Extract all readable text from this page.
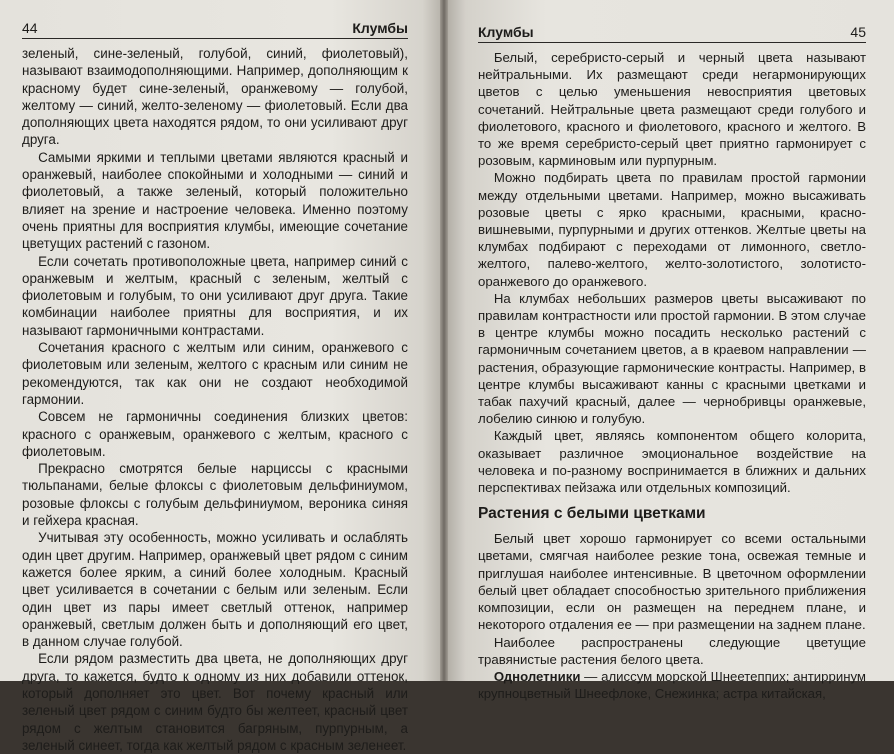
44	Клумбы

зеленый, сине-зеленый, голубой, синий, фиолетовый), называют взаимодополняющими. Например, дополняющим к красному будет сине-зеленый, оранжевому — голубой, желтому — синий, желто-зеленому — фиолетовый. Если два дополняющих цвета находятся рядом, то они усиливают друг друга.

Самыми яркими и теплыми цветами являются красный и оранжевый, наиболее спокойными и холодными — синий и фиолетовый, а также зеленый, который положительно влияет на зрение и настроение человека. Именно поэтому очень приятны для восприятия клумбы, имеющие сочетание цветущих растений с газоном.

Если сочетать противоположные цвета, например синий с оранжевым и желтым, красный с зеленым, желтый с фиолетовым и голубым, то они усиливают друг друга. Такие комбинации наиболее приятны для восприятия, и их называют гармоничными контрастами.

Сочетания красного с желтым или синим, оранжевого с фиолетовым или зеленым, желтого с красным или синим не рекомендуются, так как они не создают необходимой гармонии.

Совсем не гармоничны соединения близких цветов: красного с оранжевым, оранжевого с желтым, красного с фиолетовым.

Прекрасно смотрятся белые нарциссы с красными тюльпанами, белые флоксы с фиолетовым дельфиниумом, розовые флоксы с голубым дельфиниумом, вероника синяя и гейхера красная.

Учитывая эту особенность, можно усиливать и ослаблять один цвет другим. Например, оранжевый цвет рядом с синим кажется более ярким, а синий более холодным. Красный цвет усиливается в сочетании с белым или зеленым. Если один цвет из пары имеет светлый оттенок, например оранжевый, светлым должен быть и дополняющий его цвет, в данном случае голубой.

Если рядом разместить два цвета, не дополняющих друг друга, то кажется, будто к одному из них добавили оттенок, который дополняет это цвет. Вот почему красный или зеленый цвет рядом с синим будто бы желтеет, красный цвет рядом с желтым становится багряным, пурпурным, а зеленый синеет, тогда как желтый рядом с красным зеленеет.

Клумбы	45

Белый, серебристо-серый и черный цвета называют нейтральными. Их размещают среди негармонирующих цветов с целью уменьшения невосприятия цветовых сочетаний. Нейтральные цвета размещают среди голубого и фиолетового, красного и фиолетового, красного и желтого. В то же время серебристо-серый цвет приятно гармонирует с розовым, карминовым или пурпурным.

Можно подбирать цвета по правилам простой гармонии между отдельными цветами. Например, можно высаживать розовые цветы с ярко красными, красными, красно-вишневыми, пурпурными и других оттенков. Желтые цветы на клумбах подбирают с переходами от лимонного, светло-желтого, палево-желтого, желто-золотистого, золотисто-оранжевого до оранжевого.

На клумбах небольших размеров цветы высаживают по правилам контрастности или простой гармонии. В этом случае в центре клумбы можно посадить несколько растений с гармоничным сочетанием цветов, а в краевом направлении — растения, образующие гармонические контрасты. Например, в центре клумбы высаживают канны с красными цветками и табак пахучий красный, далее — чернобривцы оранжевые, лобелию синюю и голубую.

Каждый цвет, являясь компонентом общего колорита, оказывает различное эмоциональное воздействие на человека и по-разному воспринимается в ближних и дальних перспективах пейзажа или отдельных композиций.

Растения с белыми цветками

Белый цвет хорошо гармонирует со всеми остальными цветами, смягчая наиболее резкие тона, освежая темные и приглушая наиболее интенсивные. В цветочном оформлении белый цвет обладает способностью зрительного приближения композиции, если он размещен на переднем плане, и некоторого отдаления ее — при размещении на заднем плане.

Наиболее распространены следующие цветущие травянистые растения белого цвета.

Однолетники — алиссум морской Шнеетеппих; антирринум крупноцветный Шнеефлоке, Снежинка; астра китайская,
